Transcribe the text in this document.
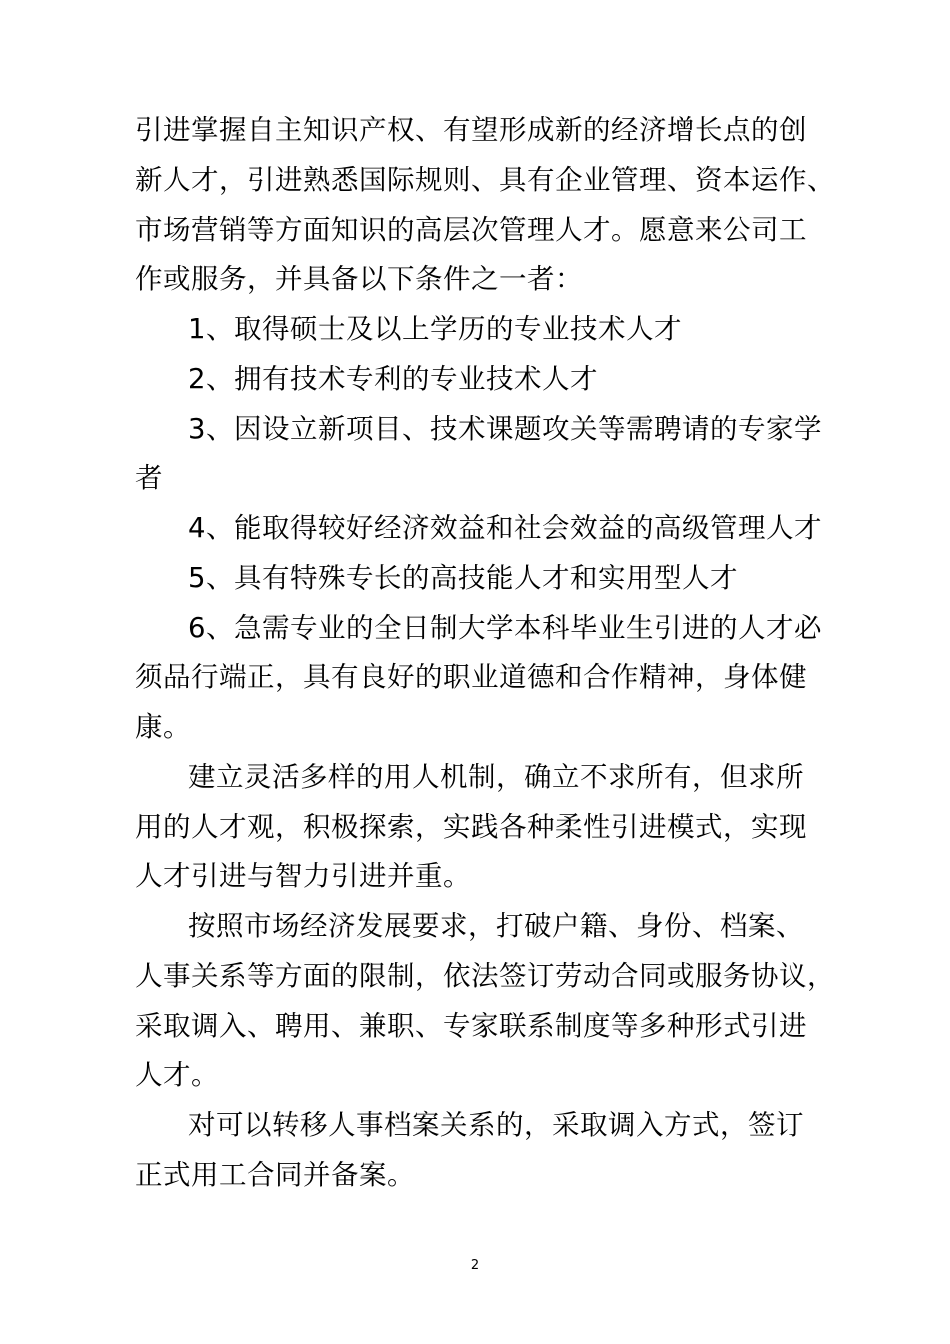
引进掌握自主知识产权、有望形成新的经济增长点的创
新人才，引进熟悉国际规则、具有企业管理、资本运作、
市场营销等方面知识的高层次管理人才。愿意来公司工
作或服务，并具备以下条件之一者：
1、取得硕士及以上学历的专业技术人才
2、拥有技术专利的专业技术人才
3、因设立新项目、技术课题攻关等需聘请的专家学
者
4、能取得较好经济效益和社会效益的高级管理人才
5、具有特殊专长的高技能人才和实用型人才
6、急需专业的全日制大学本科毕业生引进的人才必
须品行端正，具有良好的职业道德和合作精神，身体健
康。
建立灵活多样的用人机制，确立不求所有，但求所
用的人才观，积极探索，实践各种柔性引进模式，实现
人才引进与智力引进并重。
按照市场经济发展要求，打破户籍、身份、档案、
人事关系等方面的限制，依法签订劳动合同或服务协议，
采取调入、聘用、兼职、专家联系制度等多种形式引进
人才。
对可以转移人事档案关系的，采取调入方式，签订
正式用工合同并备案。
2
